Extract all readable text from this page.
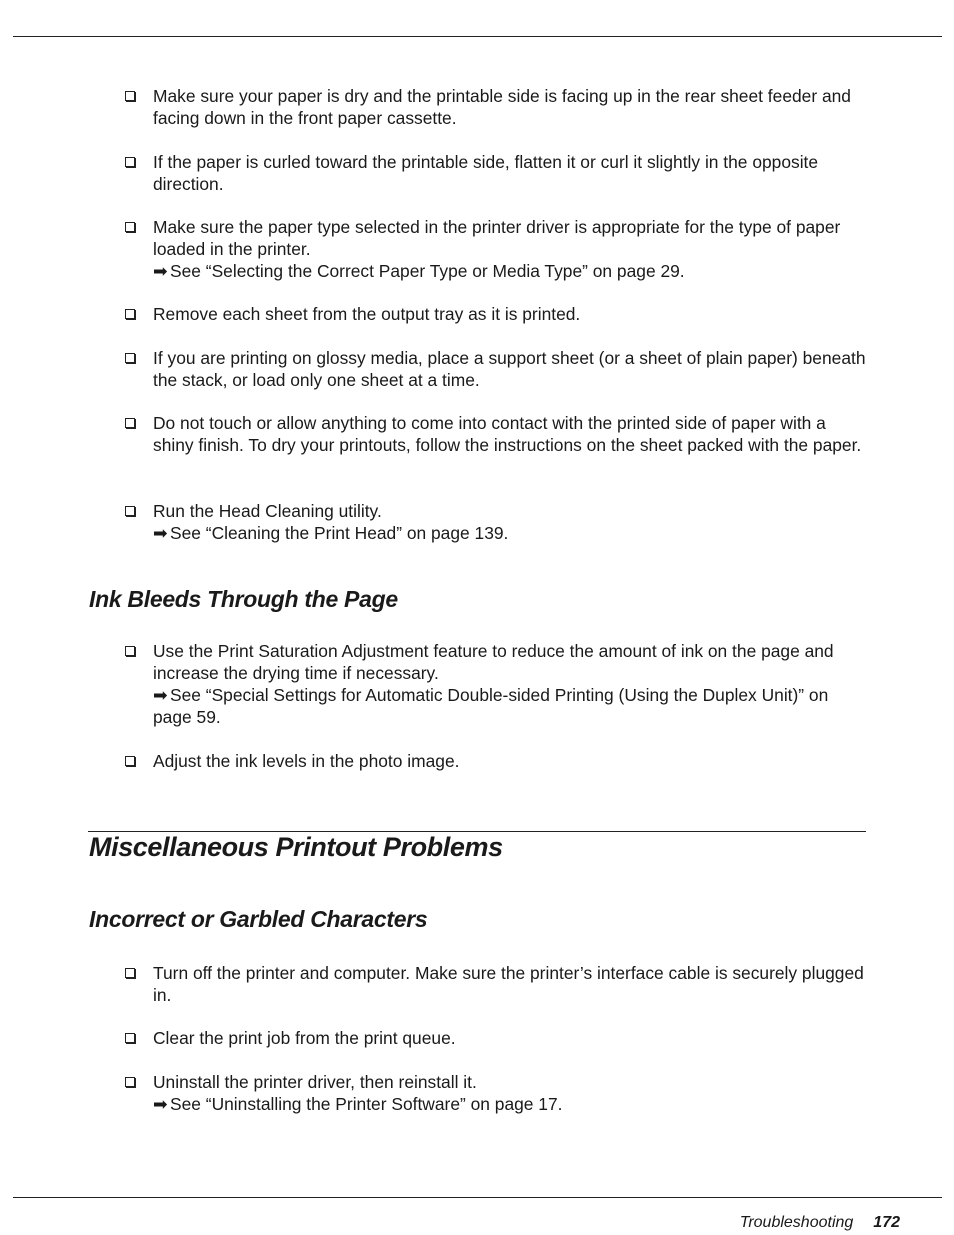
Make sure your paper is dry and the printable side is facing up in the rear sheet feeder and facing down in the front paper cassette.
If the paper is curled toward the printable side, flatten it or curl it slightly in the opposite direction.
Make sure the paper type selected in the printer driver is appropriate for the type of paper loaded in the printer.
➡ See “Selecting the Correct Paper Type or Media Type” on page 29.
Remove each sheet from the output tray as it is printed.
If you are printing on glossy media, place a support sheet (or a sheet of plain paper) beneath the stack, or load only one sheet at a time.
Do not touch or allow anything to come into contact with the printed side of paper with a shiny finish. To dry your printouts, follow the instructions on the sheet packed with the paper.
Run the Head Cleaning utility.
➡ See “Cleaning the Print Head” on page 139.
Ink Bleeds Through the Page
Use the Print Saturation Adjustment feature to reduce the amount of ink on the page and increase the drying time if necessary.
➡ See “Special Settings for Automatic Double-sided Printing (Using the Duplex Unit)” on page 59.
Adjust the ink levels in the photo image.
Miscellaneous Printout Problems
Incorrect or Garbled Characters
Turn off the printer and computer. Make sure the printer’s interface cable is securely plugged in.
Clear the print job from the print queue.
Uninstall the printer driver, then reinstall it.
➡ See “Uninstalling the Printer Software” on page 17.
Troubleshooting 172
